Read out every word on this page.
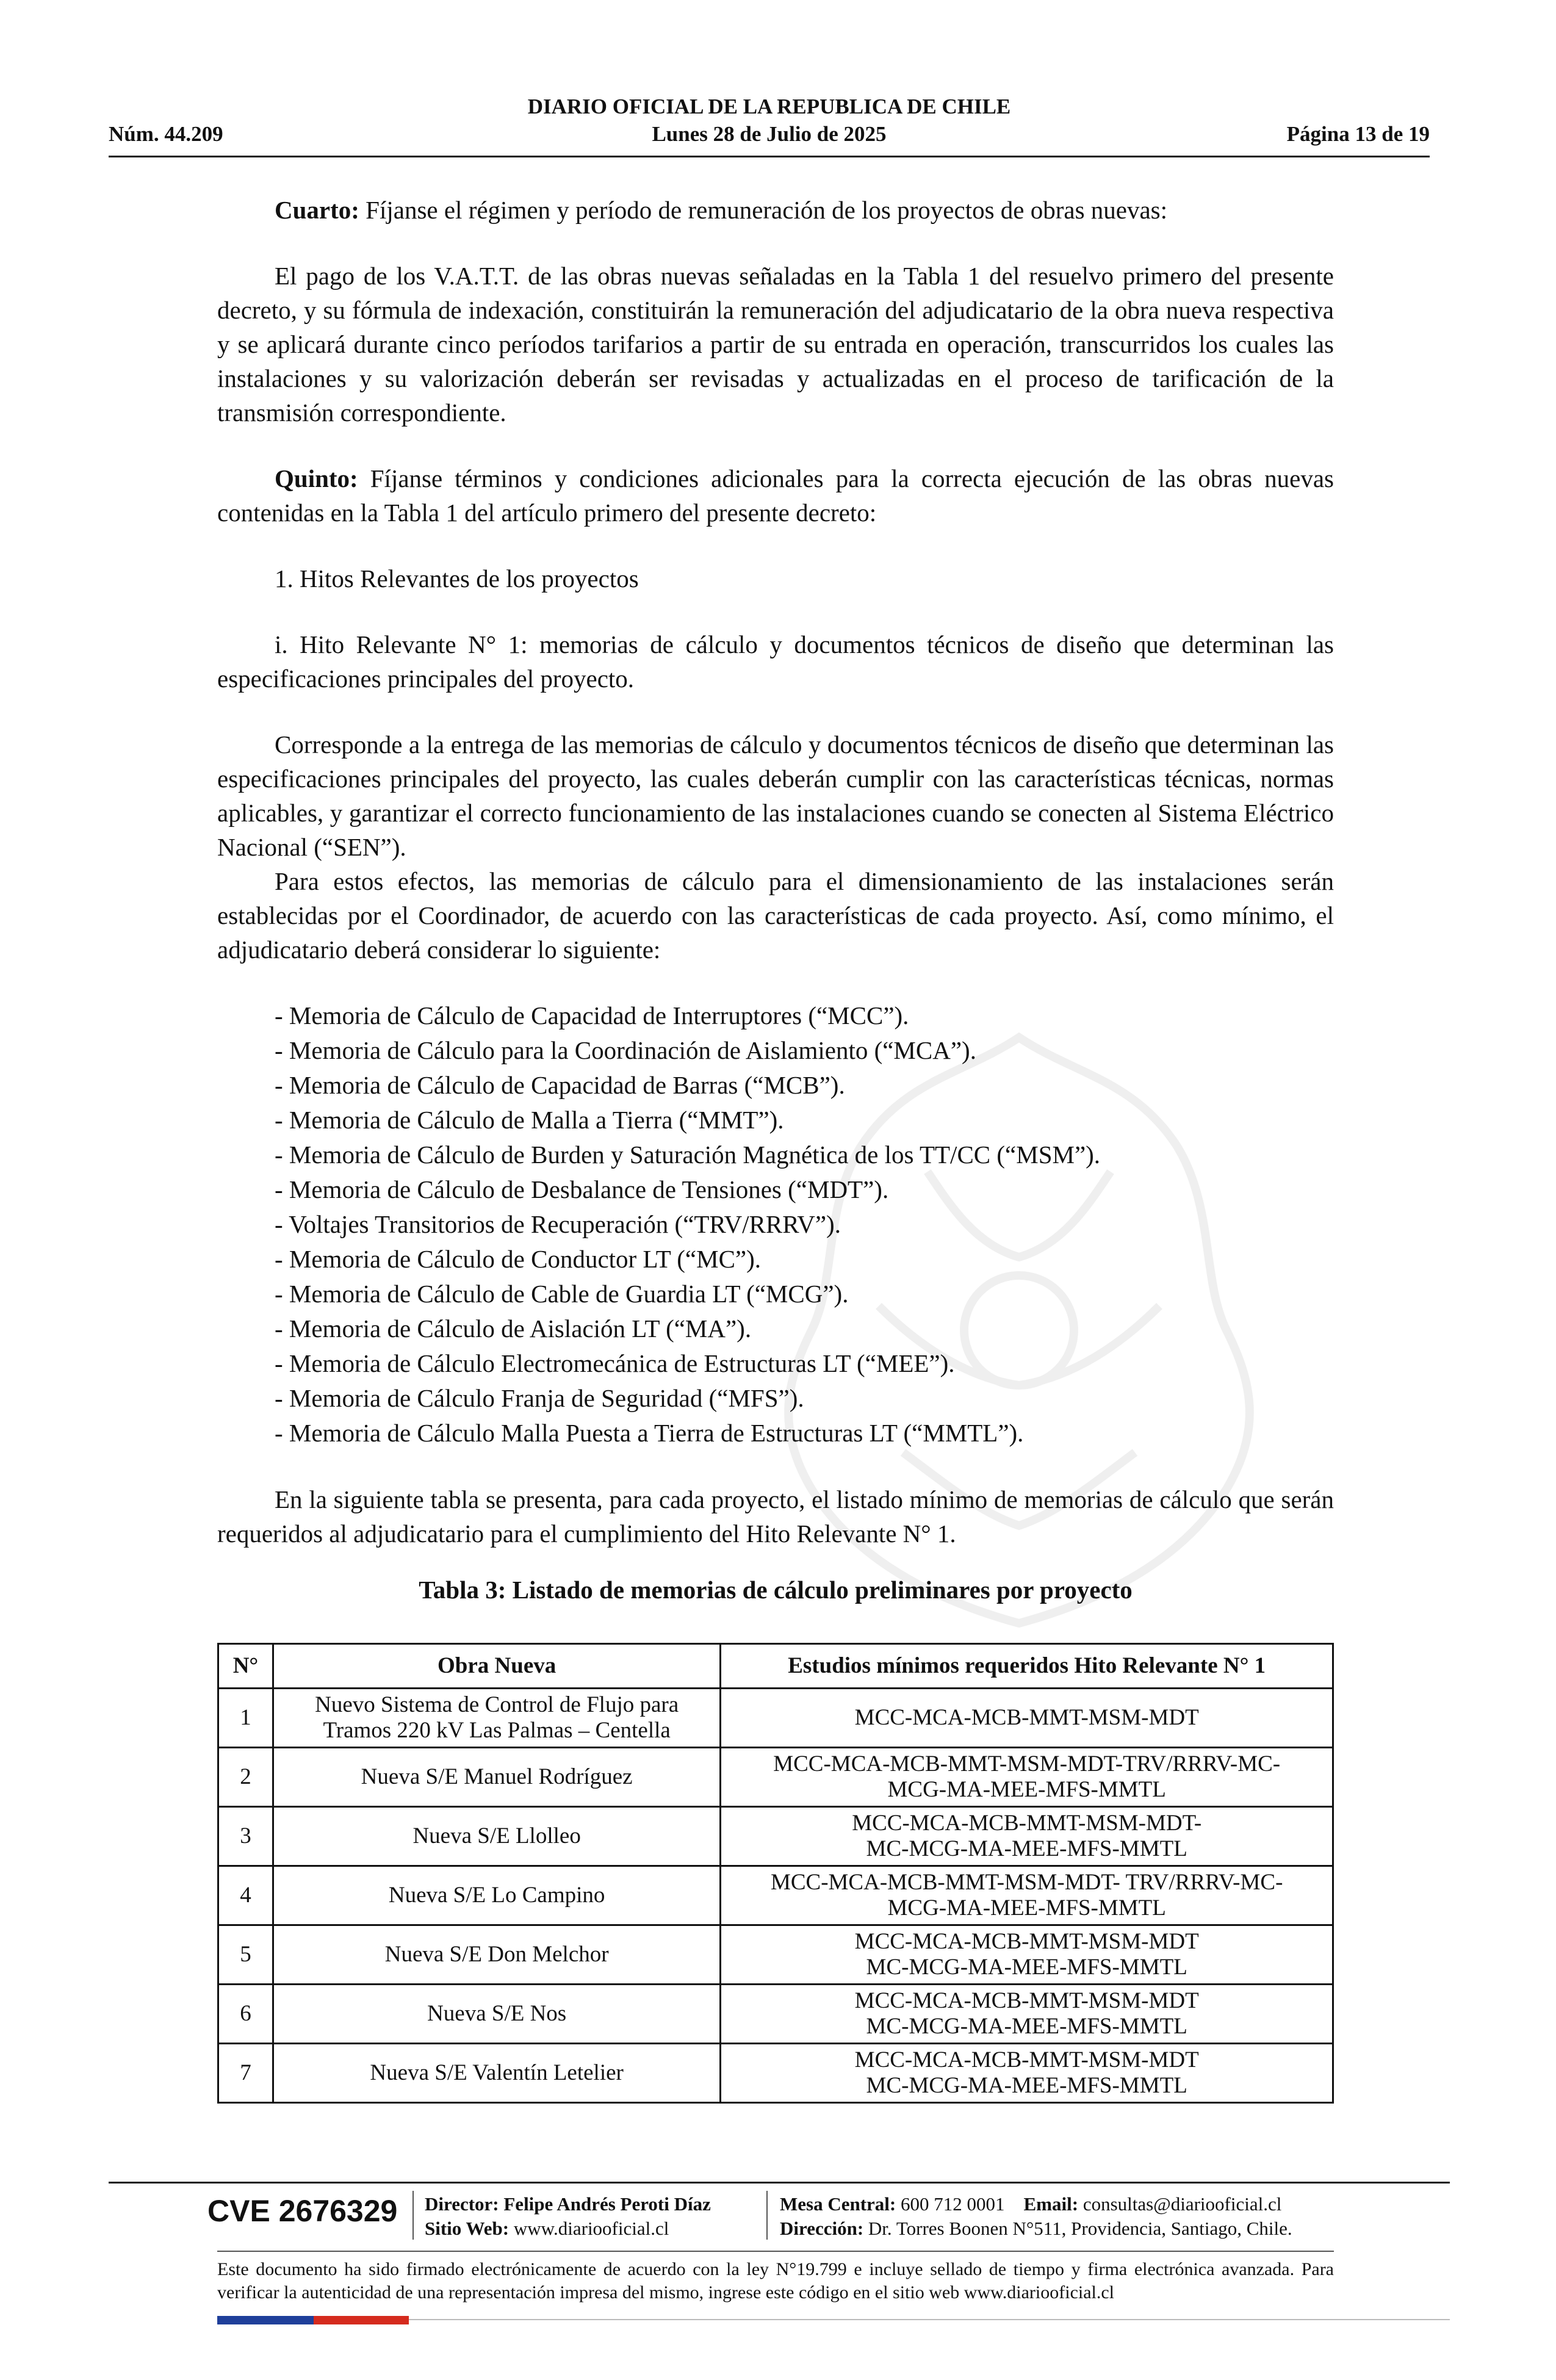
DIARIO OFICIAL DE LA REPUBLICA DE CHILE
Núm. 44.209	Lunes 28 de Julio de 2025	Página 13 de 19

Cuarto: Fíjanse el régimen y período de remuneración de los proyectos de obras nuevas:

El pago de los V.A.T.T. de las obras nuevas señaladas en la Tabla 1 del resuelvo primero del presente decreto, y su fórmula de indexación, constituirán la remuneración del adjudicatario de la obra nueva respectiva y se aplicará durante cinco períodos tarifarios a partir de su entrada en operación, transcurridos los cuales las instalaciones y su valorización deberán ser revisadas y actualizadas en el proceso de tarificación de la transmisión correspondiente.

Quinto: Fíjanse términos y condiciones adicionales para la correcta ejecución de las obras nuevas contenidas en la Tabla 1 del artículo primero del presente decreto:

1. Hitos Relevantes de los proyectos

i. Hito Relevante N° 1: memorias de cálculo y documentos técnicos de diseño que determinan las especificaciones principales del proyecto.

Corresponde a la entrega de las memorias de cálculo y documentos técnicos de diseño que determinan las especificaciones principales del proyecto, las cuales deberán cumplir con las características técnicas, normas aplicables, y garantizar el correcto funcionamiento de las instalaciones cuando se conecten al Sistema Eléctrico Nacional (“SEN”).

Para estos efectos, las memorias de cálculo para el dimensionamiento de las instalaciones serán establecidas por el Coordinador, de acuerdo con las características de cada proyecto. Así, como mínimo, el adjudicatario deberá considerar lo siguiente:

- Memoria de Cálculo de Capacidad de Interruptores (“MCC”).
- Memoria de Cálculo para la Coordinación de Aislamiento (“MCA”).
- Memoria de Cálculo de Capacidad de Barras (“MCB”).
- Memoria de Cálculo de Malla a Tierra (“MMT”).
- Memoria de Cálculo de Burden y Saturación Magnética de los TT/CC (“MSM”).
- Memoria de Cálculo de Desbalance de Tensiones (“MDT”).
- Voltajes Transitorios de Recuperación (“TRV/RRRV”).
- Memoria de Cálculo de Conductor LT (“MC”).
- Memoria de Cálculo de Cable de Guardia LT (“MCG”).
- Memoria de Cálculo de Aislación LT (“MA”).
- Memoria de Cálculo Electromecánica de Estructuras LT (“MEE”).
- Memoria de Cálculo Franja de Seguridad (“MFS”).
- Memoria de Cálculo Malla Puesta a Tierra de Estructuras LT (“MMTL”).

En la siguiente tabla se presenta, para cada proyecto, el listado mínimo de memorias de cálculo que serán requeridos al adjudicatario para el cumplimiento del Hito Relevante N° 1.

Tabla 3: Listado de memorias de cálculo preliminares por proyecto

N°	Obra Nueva	Estudios mínimos requeridos Hito Relevante N° 1
1	Nuevo Sistema de Control de Flujo para Tramos 220 kV Las Palmas – Centella	MCC-MCA-MCB-MMT-MSM-MDT
2	Nueva S/E Manuel Rodríguez	MCC-MCA-MCB-MMT-MSM-MDT-TRV/RRRV-MC-MCG-MA-MEE-MFS-MMTL
3	Nueva S/E Llolleo	MCC-MCA-MCB-MMT-MSM-MDT-MC-MCG-MA-MEE-MFS-MMTL
4	Nueva S/E Lo Campino	MCC-MCA-MCB-MMT-MSM-MDT- TRV/RRRV-MC-MCG-MA-MEE-MFS-MMTL
5	Nueva S/E Don Melchor	MCC-MCA-MCB-MMT-MSM-MDT MC-MCG-MA-MEE-MFS-MMTL
6	Nueva S/E Nos	MCC-MCA-MCB-MMT-MSM-MDT MC-MCG-MA-MEE-MFS-MMTL
7	Nueva S/E Valentín Letelier	MCC-MCA-MCB-MMT-MSM-MDT MC-MCG-MA-MEE-MFS-MMTL
CVE 2676329 Director: Felipe Andrés Peroti Díaz
Sitio Web: www.diariooficial.cl
Mesa Central: 600 712 0001 Email: consultas@diariooficial.cl
Dirección: Dr. Torres Boonen N°511, Providencia, Santiago, Chile.
Este documento ha sido firmado electrónicamente de acuerdo con la ley N°19.799 e incluye sellado de tiempo y firma electrónica avanzada. Para verificar la autenticidad de una representación impresa del mismo, ingrese este código en el sitio web www.diariooficial.cl
